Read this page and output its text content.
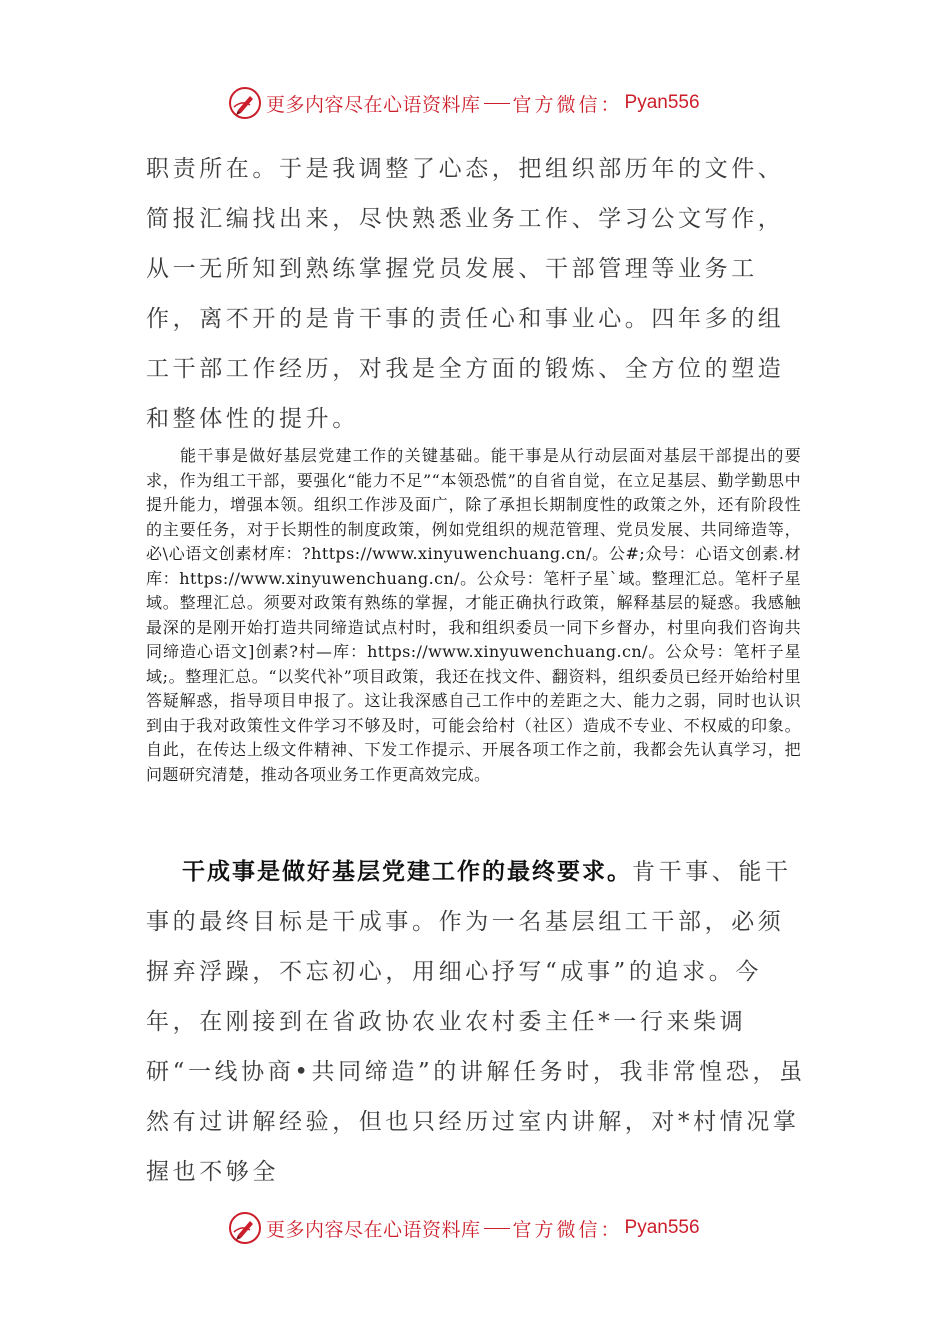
更多内容尽在心语资料库 官方微信： Pyan556

职责所在。于是我调整了心态，把组织部历年的文件、简报汇编找出来，尽快熟悉业务工作、学习公文写作，从一无所知到熟练掌握党员发展、干部管理等业务工作，离不开的是肯干事的责任心和事业心。四年多的组工干部工作经历，对我是全方面的锻炼、全方位的塑造和整体性的提升。

能干事是做好基层党建工作的关键基础。能干事是从行动层面对基层干部提出的要求，作为组工干部，要强化“能力不足”“本领恐慌”的自省自觉，在立足基层、勤学勤思中提升能力，增强本领。组织工作涉及面广，除了承担长期制度性的政策之外，还有阶段性的主要任务，对于长期性的制度政策，例如党组织的规范管理、党员发展、共同缔造等，必\心语文创素材库：?https://www.xinyuwenchuang.cn/。公#;众号：心语文创素.材库：https://www.xinyuwenchuang.cn/。公众号：笔杆子星`域。整理汇总。笔杆子星域。整理汇总。须要对政策有熟练的掌握，才能正确执行政策，解释基层的疑惑。我感触最深的是刚开始打造共同缔造试点村时，我和组织委员一同下乡督办，村里向我们咨询共同缔造心语文]创素?村—库：https://www.xinyuwenchuang.cn/。公众号：笔杆子星域;。整理汇总。“以奖代补”项目政策，我还在找文件、翻资料，组织委员已经开始给村里答疑解惑，指导项目申报了。这让我深感自己工作中的差距之大、能力之弱，同时也认识到由于我对政策性文件学习不够及时，可能会给村（社区）造成不专业、不权威的印象。自此，在传达上级文件精神、下发工作提示、开展各项工作之前，我都会先认真学习，把问题研究清楚，推动各项业务工作更高效完成。

干成事是做好基层党建工作的最终要求。肯干事、能干事的最终目标是干成事。作为一名基层组工干部，必须摒弃浮躁，不忘初心，用细心抒写“成事”的追求。今年，在刚接到在省政协农业农村委主任*一行来柴调研“一线协商•共同缔造”的讲解任务时，我非常惶恐，虽然有过讲解经验，但也只经历过室内讲解，对*村情况掌握也不够全

更多内容尽在心语资料库 官方微信： Pyan556
